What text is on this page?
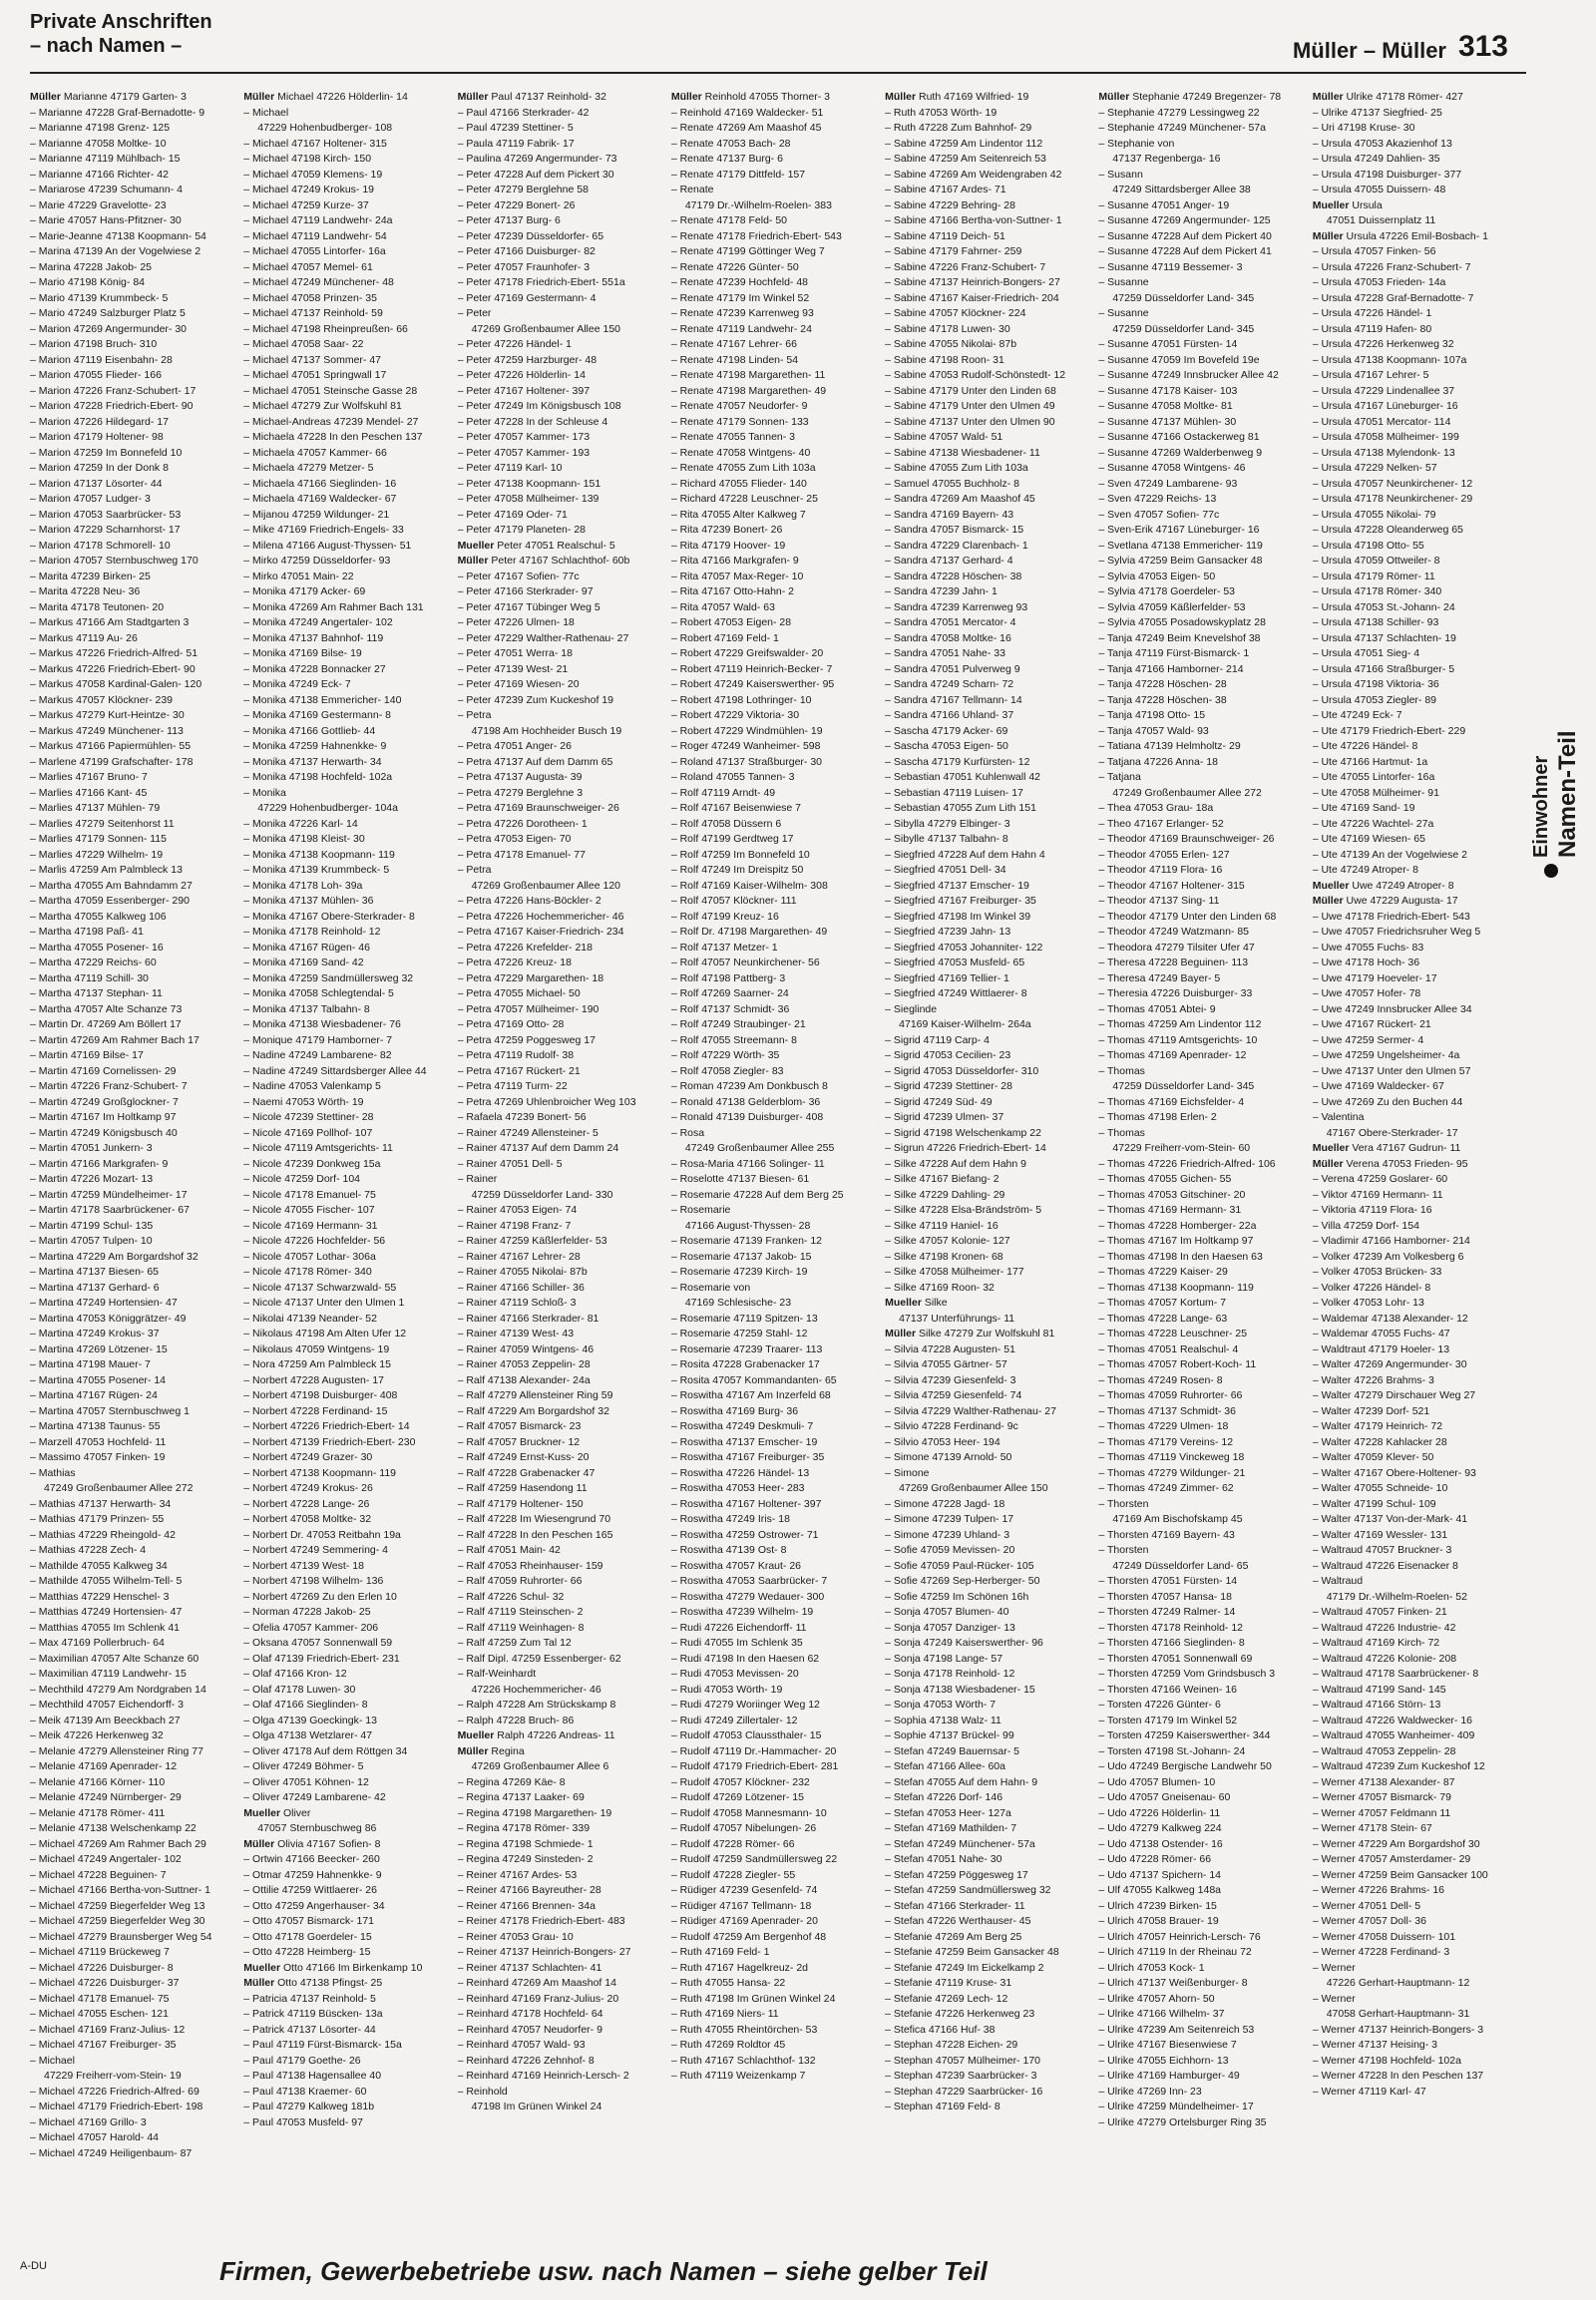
Private Anschriften
– nach Namen –	Müller – Müller 313
Müller Marianne 47179 Garten- 3
– Marianne 47228 Graf-Bernadotte- 9
– Marianne 47198 Grenz- 125
– Marianne 47058 Moltke- 10
– Marianne 47119 Mühlbach- 15
– Marianne 47166 Richter- 42
– Mariarose 47239 Schumann- 4
– Marie 47229 Gravelotte- 23
– Marie 47057 Hans-Pfitzner- 30
– Marie-Jeanne 47138 Koopmann- 54
– Marina 47139 An der Vogelwiese 2
– Marina 47228 Jakob- 25
– Mario 47198 König- 84
– Mario 47139 Krummbeck- 5
– Mario 47249 Salzburger Platz 5
– Marion 47269 Angermunder- 30
– Marion 47198 Bruch- 310
– Marion 47119 Eisenbahn- 28
– Marion 47055 Flieder- 166
– Marion 47226 Franz-Schubert- 17
– Marion 47228 Friedrich-Ebert- 90
– Marion 47226 Hildegard- 17
– Marion 47179 Holtener- 98
– Marion 47259 Im Bonnefeld 10
– Marion 47259 In der Donk 8
– Marion 47137 Lösorter- 44
– Marion 47057 Ludger- 3
– Marion 47053 Saarbrücker- 53
– Marion 47229 Scharnhorst- 17
– Marion 47178 Schmorell- 10
– Marion 47057 Sternbuschweg 170
– Marita 47239 Birken- 25
– Marita 47228 Neu- 36
– Marita 47178 Teutonen- 20
– Markus 47166 Am Stadtgarten 3
– Markus 47119 Au- 26
– Markus 47226 Friedrich-Alfred- 51
– Markus 47226 Friedrich-Ebert- 90
– Markus 47058 Kardinal-Galen- 120
– Markus 47057 Klöckner- 239
– Markus 47279 Kurt-Heintze- 30
– Markus 47249 Münchener- 113
– Markus 47166 Papiermühlen- 55
– Marlene 47199 Grafschafter- 178
– Marlies 47167 Bruno- 7
– Marlies 47166 Kant- 45
– Marlies 47137 Mühlen- 79
– Marlies 47279 Seitenhorst 11
– Marlies 47179 Sonnen- 115
– Marlies 47229 Wilhelm- 19
– Marlis 47259 Am Palmbleck 13
– Martha 47055 Am Bahndamm 27
– Martha 47059 Essenberger- 290
– Martha 47055 Kalkweg 106
– Martha 47198 Paß- 41
– Martha 47055 Posener- 16
– Martha 47229 Reichs- 60
– Martha 47119 Schill- 30
– Martha 47137 Stephan- 11
– Martha 47057 Alte Schanze 73
– Martin Dr. 47269 Am Böllert 17
– Martin 47269 Am Rahmer Bach 17
– Martin 47169 Bilse- 17
– Martin 47169 Cornelissen- 29
– Martin 47226 Franz-Schubert- 7
– Martin 47249 Großglockner- 7
– Martin 47167 Im Holtkamp 97
– Martin 47249 Königsbusch 40
– Martin 47051 Junkern- 3
– Martin 47166 Markgrafen- 9
– Martin 47226 Mozart- 13
– Martin 47259 Mündelheimer- 17
– Martin 47178 Saarbrückener- 67
– Martin 47199 Schul- 135
– Martin 47057 Tulpen- 10
– Martina 47229 Am Borgardshof 32
– Martina 47137 Biesen- 65
– Martina 47137 Gerhard- 6
– Martina 47249 Hortensien- 47
– Martina 47053 Königgrätzer- 49
– Martina 47249 Krokus- 37
– Martina 47269 Lötzener- 15
– Martina 47198 Mauer- 7
– Martina 47055 Posener- 14
– Martina 47167 Rügen- 24
– Martina 47057 Sternbuschweg 1
– Martina 47138 Taunus- 55
– Marzell 47053 Hochfeld- 11
– Massimo 47057 Finken- 19
– Mathias
47249 Großenbaumer Allee 272
– Mathias 47137 Herwarth- 34
– Mathias 47179 Prinzen- 55
– Mathias 47229 Rheingold- 42
– Mathias 47228 Zech- 4
– Mathilde 47055 Kalkweg 34
– Mathilde 47055 Wilhelm-Tell- 5
– Matthias 47229 Henschel- 3
– Matthias 47249 Hortensien- 47
– Matthias 47055 Im Schlenk 41
– Max 47169 Pollerbruch- 64
– Maximilian 47057 Alte Schanze 60
– Maximilian 47119 Landwehr- 15
– Mechthild 47279 Am Nordgraben 14
– Mechthild 47057 Eichendorff- 3
– Meik 47139 Am Beeckbach 27
– Meik 47226 Herkenweg 32
– Melanie 47279 Allensteiner Ring 77
– Melanie 47169 Apenrader- 12
– Melanie 47166 Körner- 110
– Melanie 47249 Nürnberger- 29
– Melanie 47178 Römer- 411
– Melanie 47138 Welschenkamp 22
– Michael 47269 Am Rahmer Bach 29
– Michael 47249 Angertaler- 102
– Michael 47228 Beguinen- 7
– Michael 47166 Bertha-von-Suttner- 1
– Michael 47259 Biegerfelder Weg 13
– Michael 47259 Biegerfelder Weg 30
– Michael 47279 Braunsberger Weg 54
– Michael 47119 Brückeweg 7
– Michael 47226 Duisburger- 8
– Michael 47226 Duisburger- 37
– Michael 47178 Emanuel- 75
– Michael 47055 Eschen- 121
– Michael 47169 Franz-Julius- 12
– Michael 47167 Freiburger- 35
– Michael
47229 Freiherr-vom-Stein- 19
– Michael 47226 Friedrich-Alfred- 69
– Michael 47179 Friedrich-Ebert- 198
– Michael 47169 Grillo- 3
– Michael 47057 Harold- 44
– Michael 47249 Heiligenbaum- 87
Müller Michael 47226 Hölderlin- 14
– Michael
47229 Hohenbudberger- 108
– Michael 47167 Holtener- 315
– Michael 47198 Kirch- 150
– Michael 47059 Klemens- 19
– Michael 47249 Krokus- 19
– Michael 47259 Kurze- 37
– Michael 47119 Landwehr- 24a
– Michael 47119 Landwehr- 54
– Michael 47055 Lintorfer- 16a
– Michael 47057 Memel- 61
– Michael 47249 Münchener- 48
– Michael 47058 Prinzen- 35
– Michael 47137 Reinhold- 59
– Michael 47198 Rheinpreußen- 66
– Michael 47058 Saar- 22
– Michael 47137 Sommer- 47
– Michael 47051 Springwall 17
– Michael 47051 Steinsche Gasse 28
– Michael 47279 Zur Wolfskuhl 81
– Michael-Andreas 47239 Mendel- 27
– Michaela 47228 In den Peschen 137
– Michaela 47057 Kammer- 66
– Michaela 47279 Metzer- 5
– Michaela 47166 Sieglinden- 16
– Michaela 47169 Waldecker- 67
– Mijanou 47259 Wildunger- 21
– Mike 47169 Friedrich-Engels- 33
– Milena 47166 August-Thyssen- 51
– Mirko 47259 Düsseldorfer- 93
– Mirko 47051 Main- 22
– Monika 47179 Acker- 69
– Monika 47269 Am Rahmer Bach 131
– Monika 47249 Angertaler- 102
– Monika 47137 Bahnhof- 119
– Monika 47169 Bilse- 19
– Monika 47228 Bonnacker 27
– Monika 47249 Eck- 7
– Monika 47138 Emmericher- 140
– Monika 47169 Gestermann- 8
– Monika 47166 Gottlieb- 44
– Monika 47259 Hahnenkke- 9
– Monika 47137 Herwarth- 34
– Monika 47198 Hochfeld- 102a
– Monika
47229 Hohenbudberger- 104a
– Monika 47226 Karl- 14
– Monika 47198 Kleist- 30
– Monika 47138 Koopmann- 119
– Monika 47139 Krummbeck- 5
– Monika 47178 Loh- 39a
– Monika 47137 Mühlen- 36
– Monika 47167 Obere-Sterkrader- 8
– Monika 47178 Reinhold- 12
– Monika 47167 Rügen- 46
– Monika 47169 Sand- 42
– Monika 47259 Sandmüllersweg 32
– Monika 47058 Schlegtendal- 5
– Monika 47137 Talbahn- 8
– Monika 47138 Wiesbadener- 76
– Monique 47179 Hamborner- 7
– Nadine 47249 Lambarene- 82
– Nadine 47249 Sittardsberger Allee 44
– Nadine 47053 Valenkamp 5
– Naemi 47053 Wörth- 19
– Nicole 47239 Stettiner- 28
– Nicole 47169 Pollhof- 107
– Nicole 47119 Amtsgerichts- 11
– Nicole 47239 Donkweg 15a
– Nicole 47259 Dorf- 104
– Nicole 47178 Emanuel- 75
– Nicole 47055 Fischer- 107
– Nicole 47169 Hermann- 31
– Nicole 47226 Hochfelder- 56
– Nicole 47057 Lothar- 306a
– Nicole 47178 Römer- 340
– Nicole 47137 Schwarzwald- 55
– Nicole 47137 Unter den Ulmen 1
– Nikolai 47139 Neander- 52
– Nikolaus 47198 Am Alten Ufer 12
– Nikolaus 47059 Wintgens- 19
– Nora 47259 Am Palmbleck 15
– Norbert 47228 Augusten- 17
– Norbert 47198 Duisburger- 408
– Norbert 47228 Ferdinand- 15
– Norbert 47226 Friedrich-Ebert- 14
– Norbert 47139 Friedrich-Ebert- 230
– Norbert 47249 Grazer- 30
– Norbert 47138 Koopmann- 119
– Norbert 47249 Krokus- 26
– Norbert 47228 Lange- 26
– Norbert 47058 Moltke- 32
– Norbert Dr. 47053 Reitbahn 19a
– Norbert 47249 Semmering- 4
– Norbert 47139 West- 18
– Norbert 47198 Wilhelm- 136
– Norbert 47269 Zu den Erlen 10
– Norman 47228 Jakob- 25
– Ofelia 47057 Kammer- 206
– Oksana 47057 Sonnenwall 59
– Olaf 47139 Friedrich-Ebert- 231
– Olaf 47166 Kron- 12
– Olaf 47178 Luwen- 30
– Olaf 47166 Sieglinden- 8
– Olga 47139 Goeckingk- 13
– Olga 47138 Wetzlarer- 47
– Oliver 47178 Auf dem Röttgen 34
– Oliver 47249 Böhmer- 5
– Oliver 47051 Köhnen- 12
– Oliver 47249 Lambarene- 42
Mueller Oliver
47057 Sternbuschweg 86
Müller Olivia 47167 Sofien- 8
– Ortwin 47166 Beecker- 260
– Otmar 47259 Hahnenkke- 9
– Ottilie 47259 Wittlaerer- 26
– Otto 47259 Angerhauser- 34
– Otto 47057 Bismarck- 171
– Otto 47178 Goerdeler- 15
– Otto 47228 Heimberg- 15
Mueller Otto 47166 Im Birkenkamp 10
Müller Otto 47138 Pfingst- 25
– Patricia 47137 Reinhold- 5
– Patrick 47119 Büscken- 13a
– Patrick 47137 Lösorter- 44
– Paul 47119 Fürst-Bismarck- 15a
– Paul 47179 Goethe- 26
– Paul 47138 Hagensallee 40
– Paul 47138 Kraemer- 60
– Paul 47279 Kalkweg 181b
– Paul 47053 Musfeld- 97
Müller Paul 47137 Reinhold- 32
– Paul 47166 Sterkrader- 42
– Paul 47239 Stettiner- 5
– Paula 47119 Fabrik- 17
– Paulina 47269 Angermunder- 73
– Peter 47228 Auf dem Pickert 30
– Peter 47279 Berglehne 58
– Peter 47229 Bonert- 26
– Peter 47137 Burg- 6
– Peter 47239 Düsseldorfer- 65
– Peter 47166 Duisburger- 82
– Peter 47057 Fraunhofer- 3
– Peter 47178 Friedrich-Ebert- 551a
– Peter 47169 Gestermann- 4
– Peter
47269 Großenbaumer Allee 150
– Peter 47226 Händel- 1
– Peter 47259 Harzburger- 48
– Peter 47226 Hölderlin- 14
– Peter 47167 Holtener- 397
– Peter 47249 Im Königsbusch 108
– Peter 47228 In der Schleuse 4
– Peter 47057 Kammer- 173
– Peter 47057 Kammer- 193
– Peter 47119 Karl- 10
– Peter 47138 Koopmann- 151
– Peter 47058 Mülheimer- 139
– Peter 47169 Oder- 71
– Peter 47179 Planeten- 28
Mueller Peter 47051 Realschul- 5
Müller Peter 47167 Schlachthof- 60b
– Peter 47167 Sofien- 77c
– Peter 47166 Sterkrader- 97
– Peter 47167 Tübinger Weg 5
– Peter 47226 Ulmen- 18
– Peter 47229 Walther-Rathenau- 27
– Peter 47051 Werra- 18
– Peter 47139 West- 21
– Peter 47169 Wiesen- 20
– Peter 47239 Zum Kuckeshof 19
– Petra
47198 Am Hochheider Busch 19
– Petra 47051 Anger- 26
– Petra 47137 Auf dem Damm 65
– Petra 47137 Augusta- 39
– Petra 47279 Berglehne 3
– Petra 47169 Braunschweiger- 26
– Petra 47226 Dorotheen- 1
– Petra 47053 Eigen- 70
– Petra 47178 Emanuel- 77
– Petra
47269 Großenbaumer Allee 120
– Petra 47226 Hans-Böckler- 2
– Petra 47226 Hochemmericher- 46
– Petra 47167 Kaiser-Friedrich- 234
– Petra 47226 Krefelder- 218
– Petra 47226 Kreuz- 18
– Petra 47229 Margarethen- 18
– Petra 47055 Michael- 50
– Petra 47057 Mülheimer- 190
– Petra 47169 Otto- 28
– Petra 47259 Poggesweg 17
– Petra 47119 Rudolf- 38
– Petra 47167 Rückert- 21
– Petra 47119 Turm- 22
– Petra 47269 Uhlenbroicher Weg 103
– Rafaela 47239 Bonert- 56
– Rainer 47249 Allensteiner- 5
– Rainer 47137 Auf dem Damm 24
– Rainer 47051 Dell- 5
– Rainer
47259 Düsseldorfer Land- 330
– Rainer 47053 Eigen- 74
– Rainer 47198 Franz- 7
– Rainer 47259 Käßlerfelder- 53
– Rainer 47167 Lehrer- 28
– Rainer 47055 Nikolai- 87b
– Rainer 47166 Schiller- 36
– Rainer 47119 Schloß- 3
– Rainer 47166 Sterkrader- 81
– Rainer 47139 West- 43
– Rainer 47059 Wintgens- 46
– Rainer 47053 Zeppelin- 28
– Ralf 47138 Alexander- 24a
– Ralf 47279 Allensteiner Ring 59
– Ralf 47229 Am Borgardshof 32
– Ralf 47057 Bismarck- 23
– Ralf 47057 Bruckner- 12
– Ralf 47249 Ernst-Kuss- 20
– Ralf 47228 Grabenacker 47
– Ralf 47259 Hasendong 11
– Ralf 47179 Holtener- 150
– Ralf 47228 Im Wiesengrund 70
– Ralf 47228 In den Peschen 165
– Ralf 47051 Main- 42
– Ralf 47053 Rheinhauser- 159
– Ralf 47059 Ruhrorter- 66
– Ralf 47226 Schul- 32
– Ralf 47119 Steinschen- 2
– Ralf 47119 Weinhagen- 8
– Ralf 47259 Zum Tal 12
– Ralf Dipl. 47259 Essenberger- 62
– Ralf-Weinhardt
47226 Hochemmericher- 46
– Ralph 47228 Am Strückskamp 8
– Ralph 47228 Bruch- 86
Mueller Ralph 47226 Andreas- 11
Müller Regina
47269 Großenbaumer Allee 6
– Regina 47269 Käe- 8
– Regina 47137 Laaker- 69
– Regina 47198 Margarethen- 19
– Regina 47178 Römer- 339
– Regina 47198 Schmiede- 1
– Regina 47249 Sinsteden- 2
– Reiner 47167 Ardes- 53
– Reiner 47166 Bayreuther- 28
– Reiner 47166 Brennen- 34a
– Reiner 47178 Friedrich-Ebert- 483
– Reiner 47053 Grau- 10
– Reiner 47137 Heinrich-Bongers- 27
– Reiner 47137 Schlachten- 41
– Reinhard 47269 Am Maashof 14
– Reinhard 47169 Franz-Julius- 20
– Reinhard 47178 Hochfeld- 64
– Reinhard 47057 Neudorfer- 9
– Reinhard 47057 Wald- 93
– Reinhard 47226 Zehnhof- 8
– Reinhard 47169 Heinrich-Lersch- 2
– Reinhold
47198 Im Grünen Winkel 24
Müller Reinhold 47055 Thorner- 3
– Reinhold 47169 Waldecker- 51
– Renate 47269 Am Maashof 45
– Renate 47053 Bach- 28
– Renate 47137 Burg- 6
– Renate 47179 Dittfeld- 157
– Renate
47179 Dr.-Wilhelm-Roelen- 383
– Renate 47178 Feld- 50
– Renate 47178 Friedrich-Ebert- 543
– Renate 47199 Göttinger Weg 7
– Renate 47226 Günter- 50
– Renate 47239 Hochfeld- 48
– Renate 47179 Im Winkel 52
– Renate 47239 Karrenweg 93
– Renate 47119 Landwehr- 24
– Renate 47167 Lehrer- 66
– Renate 47198 Linden- 54
– Renate 47198 Margarethen- 11
– Renate 47198 Margarethen- 49
– Renate 47057 Neudorfer- 9
– Renate 47179 Sonnen- 133
– Renate 47055 Tannen- 3
– Renate 47058 Wintgens- 40
– Renate 47055 Zum Lith 103a
– Richard 47055 Flieder- 140
– Richard 47228 Leuschner- 25
– Rita 47055 Alter Kalkweg 7
– Rita 47239 Bonert- 26
– Rita 47179 Hoover- 19
– Rita 47166 Markgrafen- 9
– Rita 47057 Max-Reger- 10
– Rita 47167 Otto-Hahn- 2
– Rita 47057 Wald- 63
– Robert 47053 Eigen- 28
– Robert 47169 Feld- 1
– Robert 47229 Greifswalder- 20
– Robert 47119 Heinrich-Becker- 7
– Robert 47249 Kaiserswerther- 95
– Robert 47198 Lothringer- 10
– Robert 47229 Viktoria- 30
– Robert 47229 Windmühlen- 19
– Roger 47249 Wanheimer- 598
– Roland 47137 Straßburger- 30
– Roland 47055 Tannen- 3
– Rolf 47119 Arndt- 49
– Rolf 47167 Beisenwiese 7
– Rolf 47058 Düssern 6
– Rolf 47199 Gerdtweg 17
– Rolf 47259 Im Bonnefeld 10
– Rolf 47249 Im Dreispitz 50
– Rolf 47169 Kaiser-Wilhelm- 308
– Rolf 47057 Klöckner- 111
– Rolf 47199 Kreuz- 16
– Rolf Dr. 47198 Margarethen- 49
– Rolf 47137 Metzer- 1
– Rolf 47057 Neunkirchener- 56
– Rolf 47198 Pattberg- 3
– Rolf 47269 Saarner- 24
– Rolf 47137 Schmidt- 36
– Rolf 47249 Straubinger- 21
– Rolf 47055 Streemann- 8
– Rolf 47229 Wörth- 35
– Rolf 47058 Ziegler- 83
– Roman 47239 Am Donkbusch 8
– Ronald 47138 Gelderblom- 36
– Ronald 47139 Duisburger- 408
– Rosa
47249 Großenbaumer Allee 255
– Rosa-Maria 47166 Solinger- 11
– Roselotte 47137 Biesen- 61
– Rosemarie 47228 Auf dem Berg 25
– Rosemarie
47166 August-Thyssen- 28
– Rosemarie 47139 Franken- 12
– Rosemarie 47137 Jakob- 15
– Rosemarie 47239 Kirch- 19
– Rosemarie von
47169 Schlesische- 23
– Rosemarie 47119 Spitzen- 13
– Rosemarie 47259 Stahl- 12
– Rosemarie 47239 Traarer- 113
– Rosita 47228 Grabenacker 17
– Rosita 47057 Kommandanten- 65
– Roswitha 47167 Am Inzerfeld 68
– Roswitha 47169 Burg- 36
– Roswitha 47249 Deskmuli- 7
– Roswitha 47137 Emscher- 19
– Roswitha 47167 Freiburger- 35
– Roswitha 47226 Händel- 13
– Roswitha 47053 Heer- 283
– Roswitha 47167 Holtener- 397
– Roswitha 47249 Iris- 18
– Roswitha 47259 Ostrower- 71
– Roswitha 47139 Ost- 8
– Roswitha 47057 Kraut- 26
– Roswitha 47053 Saarbrücker- 7
– Roswitha 47279 Wedauer- 300
– Roswitha 47239 Wilhelm- 19
– Rudi 47226 Eichendorff- 11
– Rudi 47055 Im Schlenk 35
– Rudi 47198 In den Haesen 62
– Rudi 47053 Mevissen- 20
– Rudi 47053 Wörth- 19
– Rudi 47279 Woriinger Weg 12
– Rudi 47249 Zillertaler- 12
– Rudolf 47053 Claussthaler- 15
– Rudolf 47119 Dr.-Hammacher- 20
– Rudolf 47179 Friedrich-Ebert- 281
– Rudolf 47057 Klöckner- 232
– Rudolf 47269 Lötzener- 15
– Rudolf 47058 Mannesmann- 10
– Rudolf 47057 Nibelungen- 26
– Rudolf 47228 Römer- 66
– Rudolf 47259 Sandmüllersweg 22
– Rudolf 47228 Ziegler- 55
– Rüdiger 47239 Gesenfeld- 74
– Rüdiger 47167 Tellmann- 18
– Rüdiger 47169 Apenrader- 20
– Rudolf 47259 Am Bergenhof 48
– Ruth 47169 Feld- 1
– Ruth 47167 Hagelkreuz- 2d
– Ruth 47055 Hansa- 22
– Ruth 47198 Im Grünen Winkel 24
– Ruth 47169 Niers- 11
– Ruth 47055 Rheintörchen- 53
– Ruth 47269 Roldtor 45
– Ruth 47167 Schlachthof- 132
– Ruth 47119 Weizenkamp 7
Müller Ruth 47169 Wilfried- 19
– Ruth 47053 Wörth- 19
– Ruth 47228 Zum Bahnhof- 29
– Sabine 47259 Am Lindentor 112
– Sabine 47259 Am Seitenreich 53
– Sabine 47269 Am Weidengraben 42
– Sabine 47167 Ardes- 71
– Sabine 47229 Behring- 28
– Sabine 47166 Bertha-von-Suttner- 1
– Sabine 47119 Deich- 51
– Sabine 47179 Fahrner- 259
– Sabine 47226 Franz-Schubert- 7
– Sabine 47137 Heinrich-Bongers- 27
– Sabine 47167 Kaiser-Friedrich- 204
– Sabine 47057 Klöckner- 224
– Sabine 47178 Luwen- 30
– Sabine 47055 Nikolai- 87b
– Sabine 47198 Roon- 31
– Sabine 47053 Rudolf-Schönstedt- 12
– Sabine 47179 Unter den Linden 68
– Sabine 47179 Unter den Ulmen 49
– Sabine 47137 Unter den Ulmen 90
– Sabine 47057 Wald- 51
– Sabine 47138 Wiesbadener- 11
– Sabine 47055 Zum Lith 103a
– Samuel 47055 Buchholz- 8
– Sandra 47269 Am Maashof 45
– Sandra 47169 Bayern- 43
– Sandra 47057 Bismarck- 15
– Sandra 47229 Clarenbach- 1
– Sandra 47137 Gerhard- 4
– Sandra 47228 Höschen- 38
– Sandra 47239 Jahn- 1
– Sandra 47239 Karrenweg 93
– Sandra 47051 Mercator- 4
– Sandra 47058 Moltke- 16
– Sandra 47051 Nahe- 33
– Sandra 47051 Pulverweg 9
– Sandra 47249 Scharn- 72
– Sandra 47167 Tellmann- 14
– Sandra 47166 Uhland- 37
– Sascha 47179 Acker- 69
– Sascha 47053 Eigen- 50
– Sascha 47179 Kurfürsten- 12
– Sebastian 47051 Kuhlenwall 42
– Sebastian 47119 Luisen- 17
– Sebastian 47055 Zum Lith 151
– Sibylla 47279 Elbinger- 3
– Sibylle 47137 Talbahn- 8
– Siegfried 47228 Auf dem Hahn 4
– Siegfried 47051 Dell- 34
– Siegfried 47137 Emscher- 19
– Siegfried 47167 Freiburger- 35
– Siegfried 47198 Im Winkel 39
– Siegfried 47239 Jahn- 13
– Siegfried 47053 Johanniter- 122
– Siegfried 47053 Musfeld- 65
– Siegfried 47169 Tellier- 1
– Siegfried 47249 Wittlaerer- 8
– Sieglinde
47169 Kaiser-Wilhelm- 264a
– Sigrid 47119 Carp- 4
– Sigrid 47053 Cecilien- 23
– Sigrid 47053 Düsseldorfer- 310
– Sigrid 47239 Stettiner- 28
– Sigrid 47249 Süd- 49
– Sigrid 47239 Ulmen- 37
– Sigrid 47198 Welschenkamp 22
– Sigrun 47226 Friedrich-Ebert- 14
– Silke 47228 Auf dem Hahn 9
– Silke 47167 Biefang- 2
– Silke 47229 Dahling- 29
– Silke 47228 Elsa-Brändström- 5
– Silke 47119 Haniel- 16
– Silke 47057 Kolonie- 127
– Silke 47198 Kronen- 68
– Silke 47058 Mülheimer- 177
– Silke 47169 Roon- 32
Mueller Silke
47137 Unterführungs- 11
Müller Silke 47279 Zur Wolfskuhl 81
– Silvia 47228 Augusten- 51
– Silvia 47055 Gärtner- 57
– Silvia 47239 Giesenfeld- 3
– Silvia 47259 Giesenfeld- 74
– Silvia 47229 Walther-Rathenau- 27
– Silvio 47228 Ferdinand- 9c
– Silvio 47053 Heer- 194
– Simone 47139 Arnold- 50
– Simone
47269 Großenbaumer Allee 150
– Simone 47228 Jagd- 18
– Simone 47239 Tulpen- 17
– Simone 47239 Uhland- 3
– Sofie 47059 Mevissen- 20
– Sofie 47059 Paul-Rücker- 105
– Sofie 47269 Sep-Herberger- 50
– Sofie 47259 Im Schönen 16h
– Sonja 47057 Blumen- 40
– Sonja 47057 Danziger- 13
– Sonja 47249 Kaiserswerther- 96
– Sonja 47198 Lange- 57
– Sonja 47178 Reinhold- 12
– Sonja 47138 Wiesbadener- 15
– Sonja 47053 Wörth- 7
– Sophia 47138 Walz- 11
– Sophie 47137 Brückel- 99
– Stefan 47249 Bauernsar- 5
– Stefan 47166 Allee- 60a
– Stefan 47055 Auf dem Hahn- 9
– Stefan 47226 Dorf- 146
– Stefan 47053 Heer- 127a
– Stefan 47169 Mathilden- 7
– Stefan 47249 Münchener- 57a
– Stefan 47051 Nahe- 30
– Stefan 47259 Pöggesweg 17
– Stefan 47259 Sandmüllersweg 32
– Stefan 47166 Sterkrader- 11
– Stefan 47226 Werthauser- 45
– Stefanie 47269 Am Berg 25
– Stefanie 47259 Beim Gansacker 48
– Stefanie 47249 Im Eickelkamp 2
– Stefanie 47119 Kruse- 31
– Stefanie 47269 Lech- 12
– Stefanie 47226 Herkenweg 23
– Stefica 47166 Huf- 38
– Stephan 47228 Eichen- 29
– Stephan 47057 Mülheimer- 170
– Stephan 47239 Saarbrücker- 3
– Stephan 47229 Saarbrücker- 16
– Stephan 47169 Feld- 8
Müller Stephanie 47249 Bregenzer- 78
– Stephanie 47279 Lessingweg 22
– Stephanie 47249 Münchener- 57a
– Stephanie von
47137 Regenberga- 16
– Susann
47249 Sittardsberger Allee 38
– Susanne 47051 Anger- 19
– Susanne 47269 Angermunder- 125
– Susanne 47228 Auf dem Pickert 40
– Susanne 47228 Auf dem Pickert 41
– Susanne 47119 Bessemer- 3
– Susanne
47259 Düsseldorfer Land- 345
– Susanne
47259 Düsseldorfer Land- 345
– Susanne 47051 Fürsten- 14
– Susanne 47059 Im Bovefeld 19e
– Susanne 47249 Innsbrucker Allee 42
– Susanne 47178 Kaiser- 103
– Susanne 47058 Moltke- 81
– Susanne 47137 Mühlen- 30
– Susanne 47166 Ostackerweg 81
– Susanne 47269 Walderbenweg 9
– Susanne 47058 Wintgens- 46
– Sven 47249 Lambarene- 93
– Sven 47229 Reichs- 13
– Sven 47057 Sofien- 77c
– Sven-Erik 47167 Lüneburger- 16
– Svetlana 47138 Emmericher- 119
– Sylvia 47259 Beim Gansacker 48
– Sylvia 47053 Eigen- 50
– Sylvia 47178 Goerdeler- 53
– Sylvia 47059 Käßlerfelder- 53
– Sylvia 47055 Posadowskyplatz 28
– Tanja 47249 Beim Knevelshof 38
– Tanja 47119 Fürst-Bismarck- 1
– Tanja 47166 Hamborner- 214
– Tanja 47228 Höschen- 28
– Tanja 47228 Höschen- 38
– Tanja 47198 Otto- 15
– Tanja 47057 Wald- 93
– Tatiana 47139 Helmholtz- 29
– Tatjana 47226 Anna- 18
– Tatjana
47249 Großenbaumer Allee 272
– Thea 47053 Grau- 18a
– Theo 47167 Erlanger- 52
– Theodor 47169 Braunschweiger- 26
– Theodor 47055 Erlen- 127
– Theodor 47119 Flora- 16
– Theodor 47167 Holtener- 315
– Theodor 47137 Sing- 11
– Theodor 47179 Unter den Linden 68
– Theodor 47249 Watzmann- 85
– Theodora 47279 Tilsiter Ufer 47
– Theresa 47228 Beguinen- 113
– Theresa 47249 Bayer- 5
– Theresia 47226 Duisburger- 33
– Thomas 47051 Abtei- 9
– Thomas 47259 Am Lindentor 112
– Thomas 47119 Amtsgerichts- 10
– Thomas 47169 Apenrader- 12
– Thomas
47259 Düsseldorfer Land- 345
– Thomas 47169 Eichsfelder- 4
– Thomas 47198 Erlen- 2
– Thomas
47229 Freiherr-vom-Stein- 60
– Thomas 47226 Friedrich-Alfred- 106
– Thomas 47055 Gichen- 55
– Thomas 47053 Gitschiner- 20
– Thomas 47169 Hermann- 31
– Thomas 47228 Homberger- 22a
– Thomas 47167 Im Holtkamp 97
– Thomas 47198 In den Haesen 63
– Thomas 47229 Kaiser- 29
– Thomas 47138 Koopmann- 119
– Thomas 47057 Kortum- 7
– Thomas 47228 Lange- 63
– Thomas 47228 Leuschner- 25
– Thomas 47051 Realschul- 4
– Thomas 47057 Robert-Koch- 11
– Thomas 47249 Rosen- 8
– Thomas 47059 Ruhrorter- 66
– Thomas 47137 Schmidt- 36
– Thomas 47229 Ulmen- 18
– Thomas 47179 Vereins- 12
– Thomas 47119 Vinckeweg 18
– Thomas 47279 Wildunger- 21
– Thomas 47249 Zimmer- 62
– Thorsten
47169 Am Bischofskamp 45
– Thorsten 47169 Bayern- 43
– Thorsten
47249 Düsseldorfer Land- 65
– Thorsten 47051 Fürsten- 14
– Thorsten 47057 Hansa- 18
– Thorsten 47249 Ralmer- 14
– Thorsten 47178 Reinhold- 12
– Thorsten 47166 Sieglinden- 8
– Thorsten 47051 Sonnenwall 69
– Thorsten 47259 Vom Grindsbusch 3
– Thorsten 47166 Weinen- 16
– Torsten 47226 Günter- 6
– Torsten 47179 Im Winkel 52
– Torsten 47259 Kaiserswerther- 344
– Torsten 47198 St.-Johann- 24
– Udo 47249 Bergische Landwehr 50
– Udo 47057 Blumen- 10
– Udo 47057 Gneisenau- 60
– Udo 47226 Hölderlin- 11
– Udo 47279 Kalkweg 224
– Udo 47138 Ostender- 16
– Udo 47228 Römer- 66
– Udo 47137 Spichern- 14
– Ulf 47055 Kalkweg 148a
– Ulrich 47239 Birken- 15
– Ulrich 47058 Brauer- 19
– Ulrich 47057 Heinrich-Lersch- 76
– Ulrich 47119 In der Rheinau 72
– Ulrich 47053 Kock- 1
– Ulrich 47137 Weißenburger- 8
– Ulrike 47057 Ahorn- 50
– Ulrike 47166 Wilhelm- 37
– Ulrike 47239 Am Seitenreich 53
– Ulrike 47167 Biesenwiese 7
– Ulrike 47055 Eichhorn- 13
– Ulrike 47169 Hamburger- 49
– Ulrike 47269 Inn- 23
– Ulrike 47259 Mündelheimer- 17
– Ulrike 47279 Ortelsburger Ring 35
Müller Ulrike 47178 Römer- 427
– Ulrike 47137 Siegfried- 25
– Uri 47198 Kruse- 30
– Ursula 47053 Akazienhof 13
– Ursula 47249 Dahlien- 35
– Ursula 47198 Duisburger- 377
– Ursula 47055 Duissern- 48
Mueller Ursula
47051 Duissernplatz 11
Müller Ursula 47226 Emil-Bosbach- 1
– Ursula 47057 Finken- 56
– Ursula 47226 Franz-Schubert- 7
– Ursula 47053 Frieden- 14a
– Ursula 47228 Graf-Bernadotte- 7
– Ursula 47226 Händel- 1
– Ursula 47119 Hafen- 80
– Ursula 47226 Herkenweg 32
– Ursula 47138 Koopmann- 107a
– Ursula 47167 Lehrer- 5
– Ursula 47229 Lindenallee 37
– Ursula 47167 Lüneburger- 16
– Ursula 47051 Mercator- 114
– Ursula 47058 Mülheimer- 199
– Ursula 47138 Mylendonk- 13
– Ursula 47229 Nelken- 57
– Ursula 47057 Neunkirchener- 12
– Ursula 47178 Neunkirchener- 29
– Ursula 47055 Nikolai- 79
– Ursula 47228 Oleanderweg 65
– Ursula 47198 Otto- 55
– Ursula 47059 Ottweiler- 8
– Ursula 47179 Römer- 11
– Ursula 47178 Römer- 340
– Ursula 47053 St.-Johann- 24
– Ursula 47138 Schiller- 93
– Ursula 47137 Schlachten- 19
– Ursula 47051 Sieg- 4
– Ursula 47166 Straßburger- 5
– Ursula 47198 Viktoria- 36
– Ursula 47053 Ziegler- 89
– Ute 47249 Eck- 7
– Ute 47179 Friedrich-Ebert- 229
– Ute 47226 Händel- 8
– Ute 47166 Hartmut- 1a
– Ute 47055 Lintorfer- 16a
– Ute 47058 Mülheimer- 91
– Ute 47169 Sand- 19
– Ute 47226 Wachtel- 27a
– Ute 47169 Wiesen- 65
– Ute 47139 An der Vogelwiese 2
– Ute 47249 Atroper- 8
Mueller Uwe 47249 Atroper- 8
Müller Uwe 47229 Augusta- 17
– Uwe 47178 Friedrich-Ebert- 543
– Uwe 47057 Friedrichsruher Weg 5
– Uwe 47055 Fuchs- 83
– Uwe 47178 Hoch- 36
– Uwe 47179 Hoeveler- 17
– Uwe 47057 Hofer- 78
– Uwe 47249 Innsbrucker Allee 34
– Uwe 47167 Rückert- 21
– Uwe 47259 Sermer- 4
– Uwe 47259 Ungelsheimer- 4a
– Uwe 47137 Unter den Ulmen 57
– Uwe 47169 Waldecker- 67
– Uwe 47269 Zu den Buchen 44
– Valentina
47167 Obere-Sterkrader- 17
Mueller Vera 47167 Gudrun- 11
Müller Verena 47053 Frieden- 95
– Verena 47259 Goslarer- 60
– Viktor 47169 Hermann- 11
– Viktoria 47119 Flora- 16
– Villa 47259 Dorf- 154
– Vladimir 47166 Hamborner- 214
– Volker 47239 Am Volkesberg 6
– Volker 47053 Brücken- 33
– Volker 47226 Händel- 8
– Volker 47053 Lohr- 13
– Waldemar 47138 Alexander- 12
– Waldemar 47055 Fuchs- 47
– Waldtraut 47179 Hoeler- 13
– Walter 47269 Angermunder- 30
– Walter 47226 Brahms- 3
– Walter 47279 Dirschauer Weg 27
– Walter 47239 Dorf- 521
– Walter 47179 Heinrich- 72
– Walter 47228 Kahlacker 28
– Walter 47059 Klever- 50
– Walter 47167 Obere-Holtener- 93
– Walter 47055 Schneide- 10
– Walter 47199 Schul- 109
– Walter 47137 Von-der-Mark- 41
– Walter 47169 Wessler- 131
– Waltraud 47057 Bruckner- 3
– Waltraud 47226 Eisenacker 8
– Waltraud
47179 Dr.-Wilhelm-Roelen- 52
– Waltraud 47057 Finken- 21
– Waltraud 47226 Industrie- 42
– Waltraud 47169 Kirch- 72
– Waltraud 47226 Kolonie- 208
– Waltraud 47178 Saarbrückener- 8
– Waltraud 47199 Sand- 145
– Waltraud 47166 Störn- 13
– Waltraud 47226 Waldwecker- 16
– Waltraud 47055 Wanheimer- 409
– Waltraud 47053 Zeppelin- 28
– Waltraud 47239 Zum Kuckeshof 12
– Werner 47138 Alexander- 87
– Werner 47057 Bismarck- 79
– Werner 47057 Feldmann 11
– Werner 47178 Stein- 67
– Werner 47229 Am Borgardshof 30
– Werner 47057 Amsterdamer- 29
– Werner 47259 Beim Gansacker 100
– Werner 47226 Brahms- 16
– Werner 47051 Dell- 5
– Werner 47057 Doll- 36
– Werner 47058 Duissern- 101
– Werner 47228 Ferdinand- 3
– Werner
47226 Gerhart-Hauptmann- 12
– Werner
47058 Gerhart-Hauptmann- 31
– Werner 47137 Heinrich-Bongers- 3
– Werner 47137 Heising- 3
– Werner 47198 Hochfeld- 102a
– Werner 47228 In den Peschen 137
– Werner 47119 Karl- 47
Einwohner Namen-Teil
A-DU	Firmen, Gewerbebetriebe usw. nach Namen – siehe gelber Teil
